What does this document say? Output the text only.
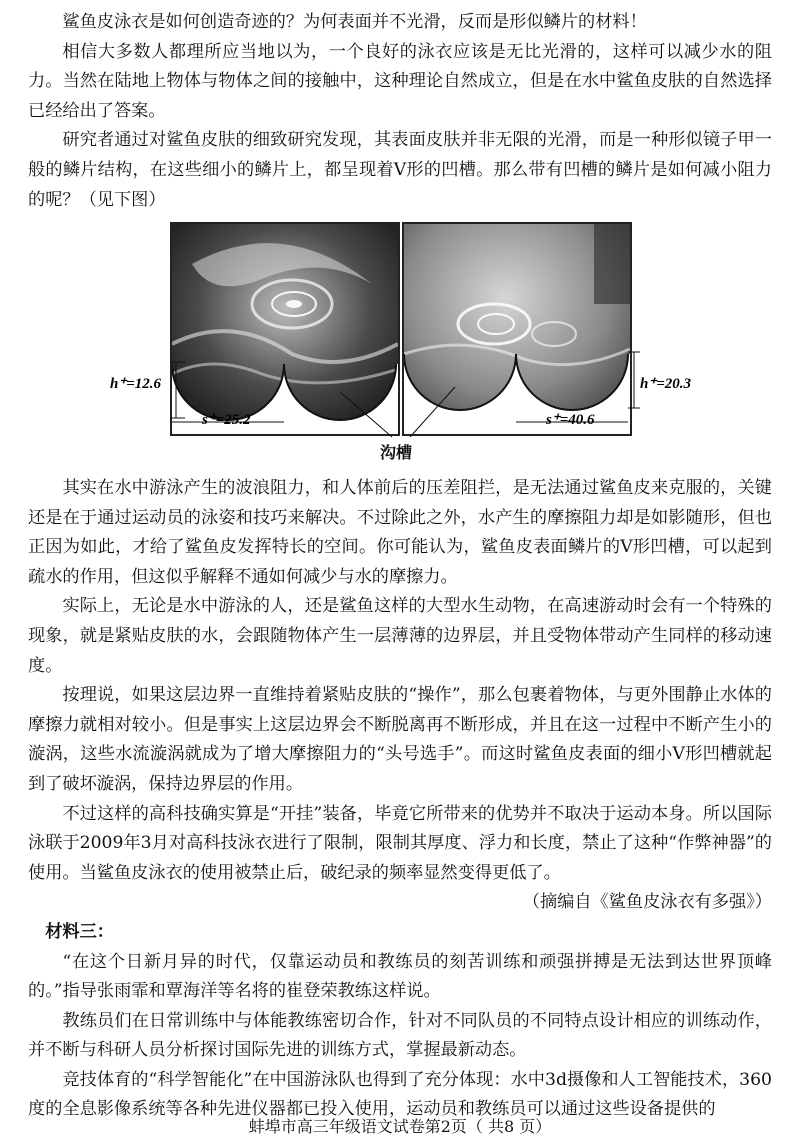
鲨鱼皮泳衣是如何创造奇迹的？为何表面并不光滑，反而是形似鳞片的材料！

相信大多数人都理所应当地以为，一个良好的泳衣应该是无比光滑的，这样可以减少水的阻力。当然在陆地上物体与物体之间的接触中，这种理论自然成立，但是在水中鲨鱼皮肤的自然选择已经给出了答案。

研究者通过对鲨鱼皮肤的细致研究发现，其表面皮肤并非无限的光滑，而是一种形似镜子甲一般的鳞片结构，在这些细小的鳞片上，都呈现着V形的凹槽。那么带有凹槽的鳞片是如何减小阻力的呢？（见下图）

h⁺=12.6
s⁺=25.2
h⁺=20.3
s⁺=40.6
沟槽

其实在水中游泳产生的波浪阻力，和人体前后的压差阻拦，是无法通过鲨鱼皮来克服的，关键还是在于通过运动员的泳姿和技巧来解决。不过除此之外，水产生的摩擦阻力却是如影随形，但也正因为如此，才给了鲨鱼皮发挥特长的空间。你可能认为，鲨鱼皮表面鳞片的V形凹槽，可以起到疏水的作用，但这似乎解释不通如何减少与水的摩擦力。

实际上，无论是水中游泳的人，还是鲨鱼这样的大型水生动物，在高速游动时会有一个特殊的现象，就是紧贴皮肤的水，会跟随物体产生一层薄薄的边界层，并且受物体带动产生同样的移动速度。

按理说，如果这层边界一直维持着紧贴皮肤的“操作”，那么包裹着物体，与更外围静止水体的摩擦力就相对较小。但是事实上这层边界会不断脱离再不断形成，并且在这一过程中不断产生小的漩涡，这些水流漩涡就成为了增大摩擦阻力的“头号选手”。而这时鲨鱼皮表面的细小V形凹槽就起到了破坏漩涡，保持边界层的作用。

不过这样的高科技确实算是“开挂”装备，毕竟它所带来的优势并不取决于运动本身。所以国际泳联于2009年3月对高科技泳衣进行了限制，限制其厚度、浮力和长度，禁止了这种“作弊神器”的使用。当鲨鱼皮泳衣的使用被禁止后，破纪录的频率显然变得更低了。

（摘编自《鲨鱼皮泳衣有多强》）

材料三：

“在这个日新月异的时代，仅靠运动员和教练员的刻苦训练和顽强拼搏是无法到达世界顶峰的。”指导张雨霏和覃海洋等名将的崔登荣教练这样说。

教练员们在日常训练中与体能教练密切合作，针对不同队员的不同特点设计相应的训练动作，并不断与科研人员分析探讨国际先进的训练方式，掌握最新动态。

竞技体育的“科学智能化”在中国游泳队也得到了充分体现：水中3d摄像和人工智能技术，360度的全息影像系统等各种先进仪器都已投入使用，运动员和教练员可以通过这些设备提供的

蚌埠市高三年级语文试卷第2页（ 共8 页）
